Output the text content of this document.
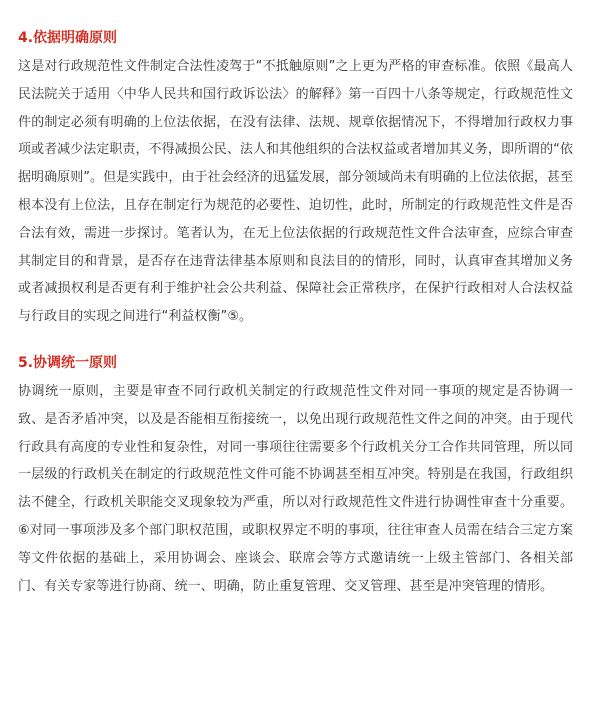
4.依据明确原则

这是对行政规范性文件制定合法性凌驾于“不抵触原则”之上更为严格的审查标准。依照《最高人民法院关于适用〈中华人民共和国行政诉讼法〉的解释》第一百四十八条等规定，行政规范性文件的制定必须有明确的上位法依据，在没有法律、法规、规章依据情况下，不得增加行政权力事项或者减少法定职责，不得减损公民、法人和其他组织的合法权益或者增加其义务，即所谓的“依据明确原则”。但是实践中，由于社会经济的迅猛发展，部分领域尚未有明确的上位法依据，甚至根本没有上位法，且存在制定行为规范的必要性、迫切性，此时，所制定的行政规范性文件是否合法有效，需进一步探讨。笔者认为，在无上位法依据的行政规范性文件合法审查，应综合审查其制定目的和背景，是否存在违背法律基本原则和良法目的的情形，同时，认真审查其增加义务或者减损权利是否更有利于维护社会公共利益、保障社会正常秩序，在保护行政相对人合法权益与行政目的实现之间进行“利益权衡”⑤。

5.协调统一原则

协调统一原则，主要是审查不同行政机关制定的行政规范性文件对同一事项的规定是否协调一致、是否矛盾冲突，以及是否能相互衔接统一，以免出现行政规范性文件之间的冲突。由于现代行政具有高度的专业性和复杂性，对同一事项往往需要多个行政机关分工合作共同管理，所以同一层级的行政机关在制定的行政规范性文件可能不协调甚至相互冲突。特别是在我国，行政组织法不健全，行政机关职能交叉现象较为严重，所以对行政规范性文件进行协调性审查十分重要。⑥对同一事项涉及多个部门职权范围，或职权界定不明的事项，往往审查人员需在结合三定方案等文件依据的基础上，采用协调会、座谈会、联席会等方式邀请统一上级主管部门、各相关部门、有关专家等进行协商、统一、明确，防止重复管理、交叉管理、甚至是冲突管理的情形。
